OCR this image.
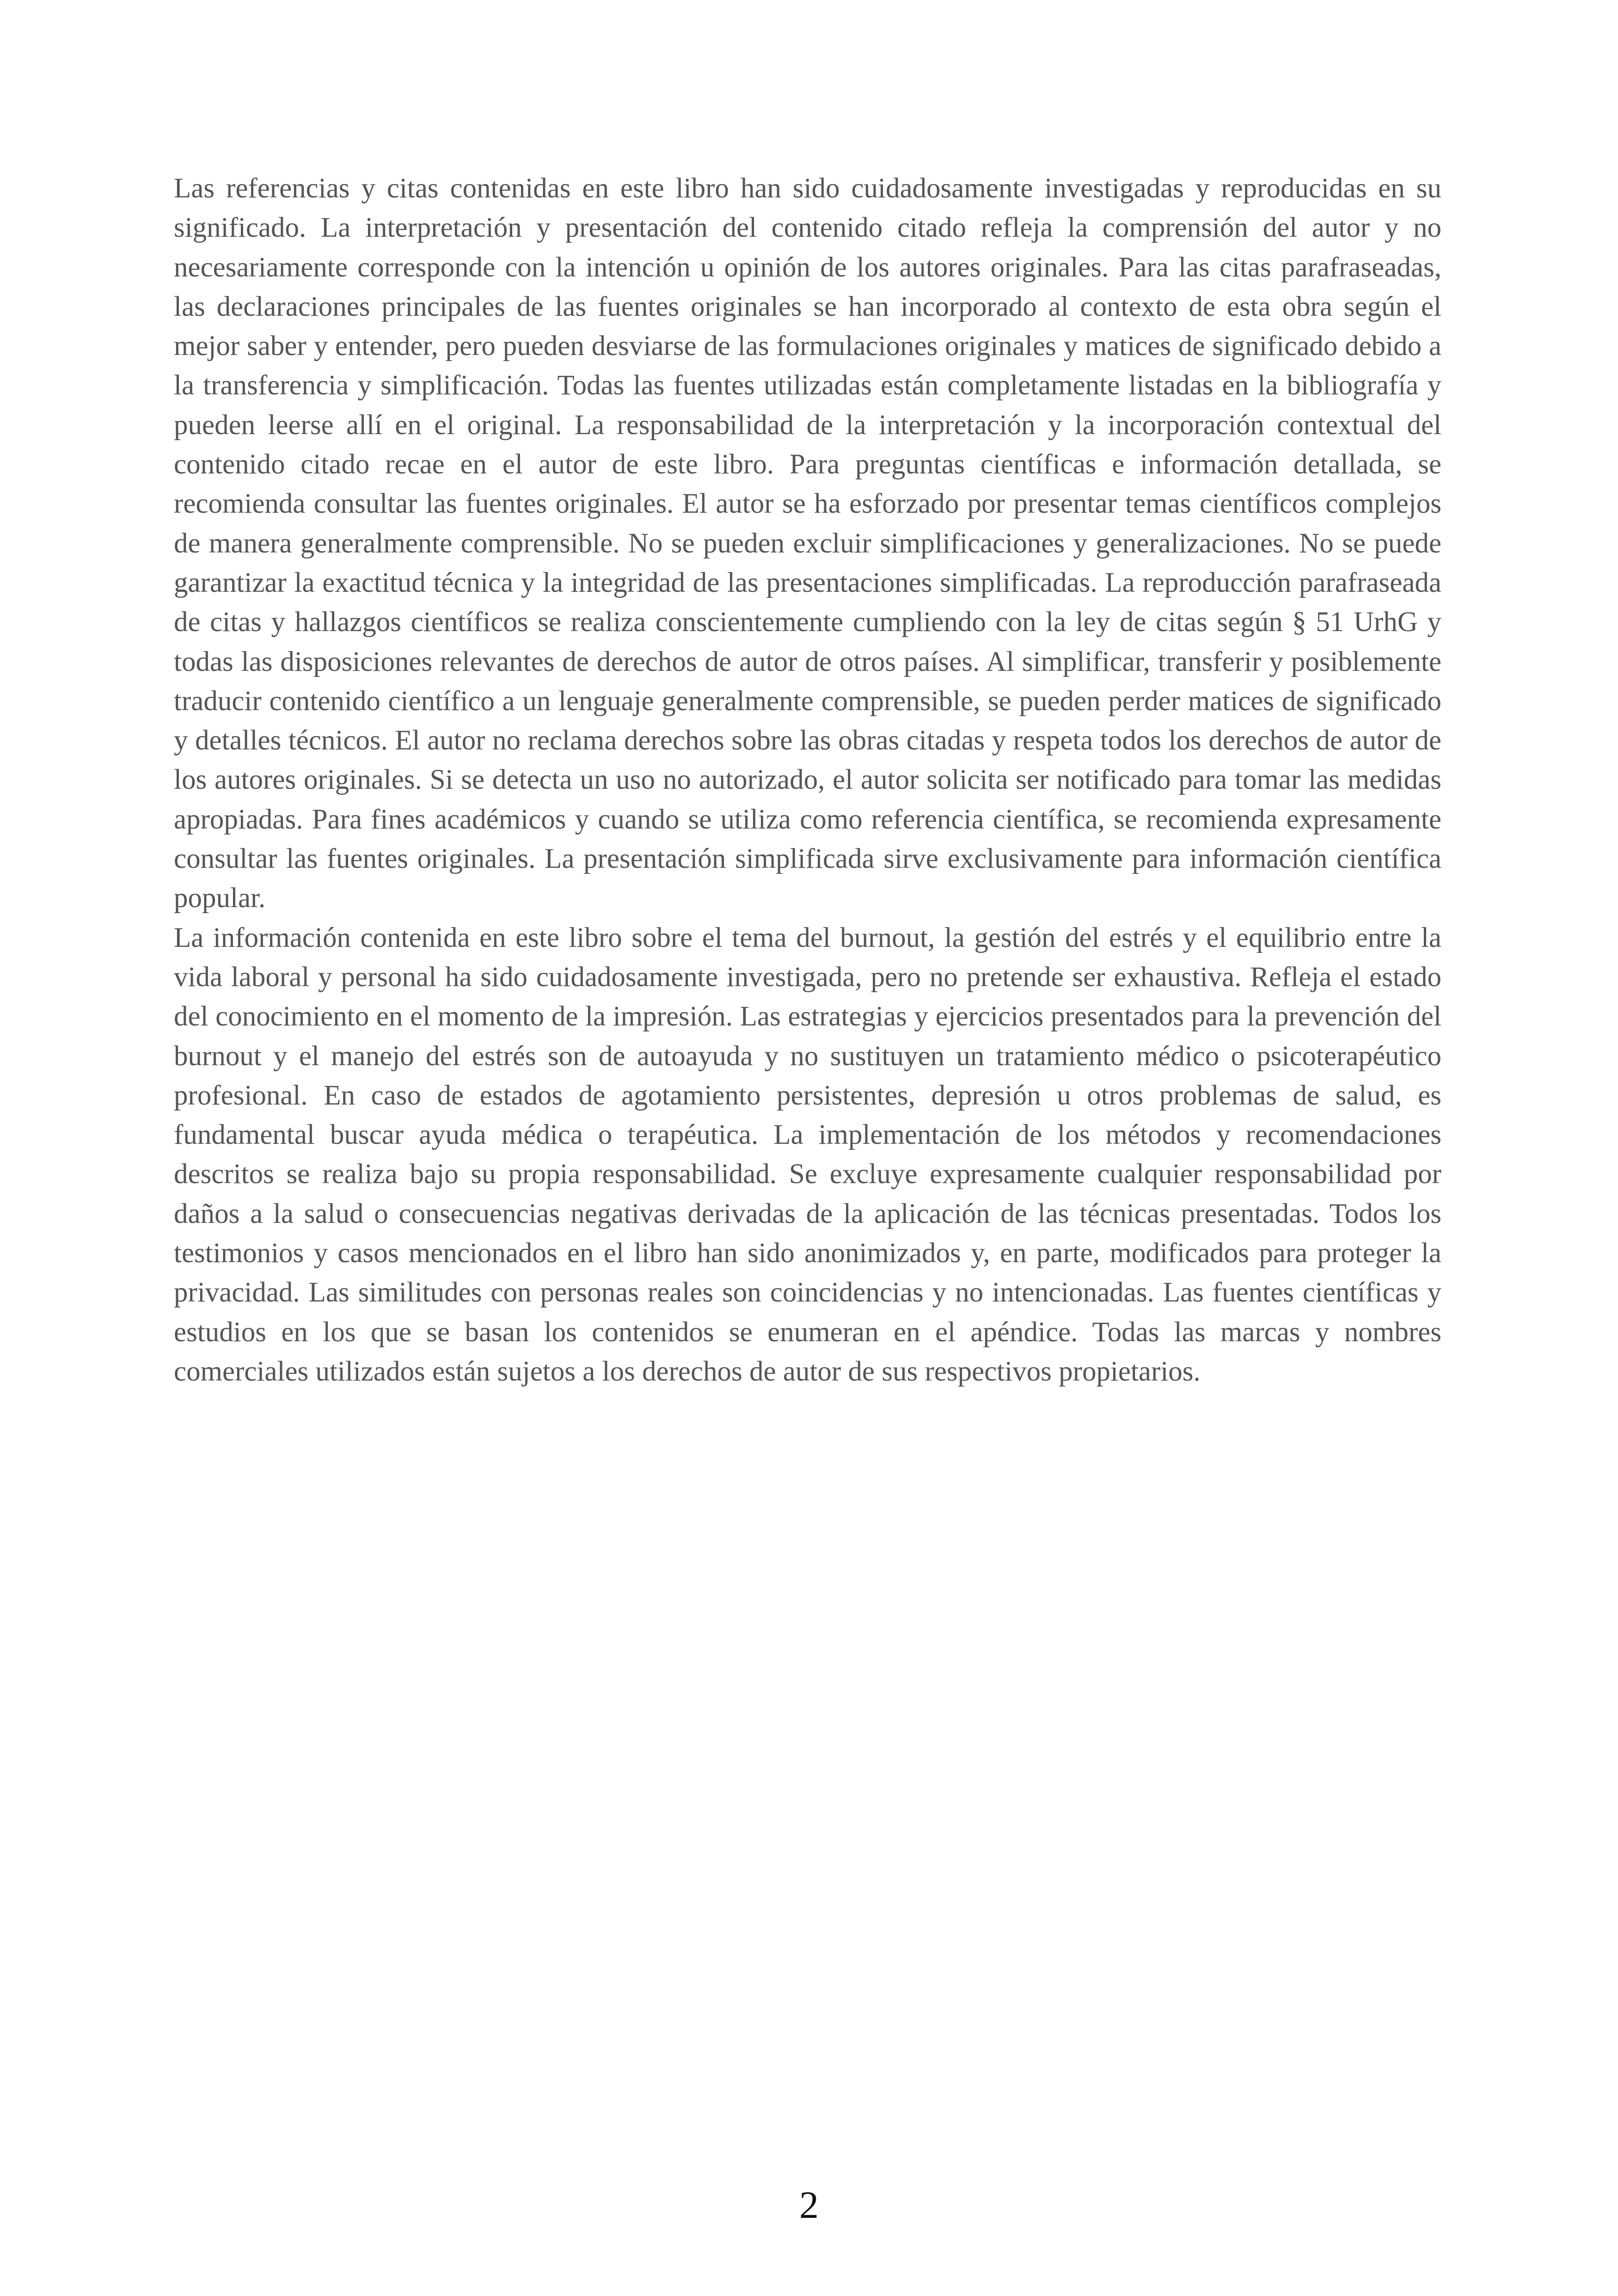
Las referencias y citas contenidas en este libro han sido cuidadosamente investigadas y reproducidas en su significado. La interpretación y presentación del contenido citado refleja la comprensión del autor y no necesariamente corresponde con la intención u opinión de los autores originales. Para las citas parafraseadas, las declaraciones principales de las fuentes originales se han incorporado al contexto de esta obra según el mejor saber y entender, pero pueden desviarse de las formulaciones originales y matices de significado debido a la transferencia y simplificación. Todas las fuentes utilizadas están completamente listadas en la bibliografía y pueden leerse allí en el original. La responsabilidad de la interpretación y la incorporación contextual del contenido citado recae en el autor de este libro. Para preguntas científicas e información detallada, se recomienda consultar las fuentes originales. El autor se ha esforzado por presentar temas científicos complejos de manera generalmente comprensible. No se pueden excluir simplificaciones y generalizaciones. No se puede garantizar la exactitud técnica y la integridad de las presentaciones simplificadas. La reproducción parafraseada de citas y hallazgos científicos se realiza conscientemente cumpliendo con la ley de citas según § 51 UrhG y todas las disposiciones relevantes de derechos de autor de otros países. Al simplificar, transferir y posiblemente traducir contenido científico a un lenguaje generalmente comprensible, se pueden perder matices de significado y detalles técnicos. El autor no reclama derechos sobre las obras citadas y respeta todos los derechos de autor de los autores originales. Si se detecta un uso no autorizado, el autor solicita ser notificado para tomar las medidas apropiadas. Para fines académicos y cuando se utiliza como referencia científica, se recomienda expresamente consultar las fuentes originales. La presentación simplificada sirve exclusivamente para información científica popular.

La información contenida en este libro sobre el tema del burnout, la gestión del estrés y el equilibrio entre la vida laboral y personal ha sido cuidadosamente investigada, pero no pretende ser exhaustiva. Refleja el estado del conocimiento en el momento de la impresión. Las estrategias y ejercicios presentados para la prevención del burnout y el manejo del estrés son de autoayuda y no sustituyen un tratamiento médico o psicoterapéutico profesional. En caso de estados de agotamiento persistentes, depresión u otros problemas de salud, es fundamental buscar ayuda médica o terapéutica. La implementación de los métodos y recomendaciones descritos se realiza bajo su propia responsabilidad. Se excluye expresamente cualquier responsabilidad por daños a la salud o consecuencias negativas derivadas de la aplicación de las técnicas presentadas. Todos los testimonios y casos mencionados en el libro han sido anonimizados y, en parte, modificados para proteger la privacidad. Las similitudes con personas reales son coincidencias y no intencionadas. Las fuentes científicas y estudios en los que se basan los contenidos se enumeran en el apéndice. Todas las marcas y nombres comerciales utilizados están sujetos a los derechos de autor de sus respectivos propietarios.

2
